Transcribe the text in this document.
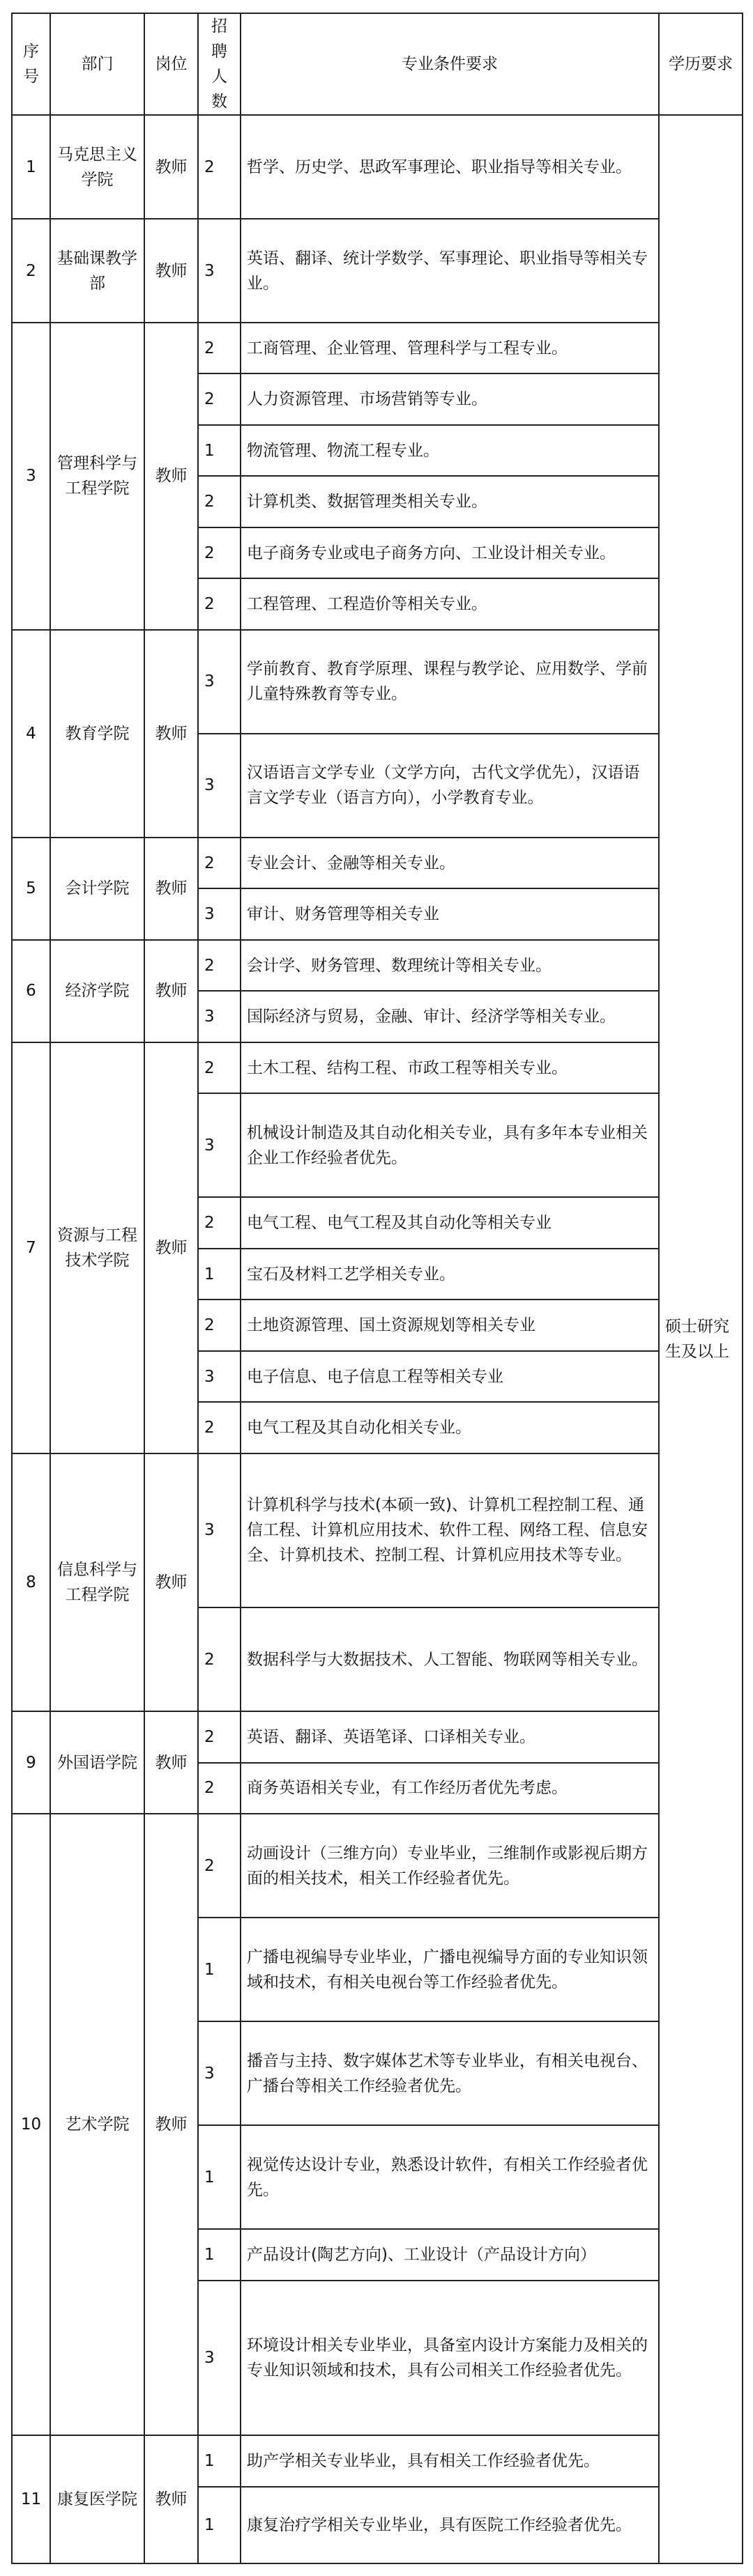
序号	部门	岗位	招聘人数	专业条件要求	学历要求
1	马克思主义学院	教师	2	哲学、历史学、思政军事理论、职业指导等相关专业。	硕士研究生及以上
2	基础课教学部	教师	3	英语、翻译、统计学数学、军事理论、职业指导等相关专业。	
3	管理科学与工程学院	教师	2	工商管理、企业管理、管理科学与工程专业。	
			2	人力资源管理、市场营销等专业。	
			1	物流管理、物流工程专业。	
			2	计算机类、数据管理类相关专业。	
			2	电子商务专业或电子商务方向、工业设计相关专业。	
			2	工程管理、工程造价等相关专业。	
4	教育学院	教师	3	学前教育、教育学原理、课程与教学论、应用数学、学前儿童特殊教育等专业。	
			3	汉语语言文学专业（文学方向，古代文学优先），汉语语言文学专业（语言方向），小学教育专业。	
5	会计学院	教师	2	专业会计、金融等相关专业。	
			3	审计、财务管理等相关专业	
6	经济学院	教师	2	会计学、财务管理、数理统计等相关专业。	
			3	国际经济与贸易，金融、审计、经济学等相关专业。	
7	资源与工程技术学院	教师	2	土木工程、结构工程、市政工程等相关专业。	
			3	机械设计制造及其自动化相关专业，具有多年本专业相关企业工作经验者优先。	
			2	电气工程、电气工程及其自动化等相关专业	
			1	宝石及材料工艺学相关专业。	
			2	土地资源管理、国土资源规划等相关专业	
			3	电子信息、电子信息工程等相关专业	
			2	电气工程及其自动化相关专业。	
8	信息科学与工程学院	教师	3	计算机科学与技术(本硕一致)、计算机工程控制工程、通信工程、计算机应用技术、软件工程、网络工程、信息安全、计算机技术、控制工程、计算机应用技术等专业。	
			2	数据科学与大数据技术、人工智能、物联网等相关专业。	
9	外国语学院	教师	2	英语、翻译、英语笔译、口译相关专业。	
			2	商务英语相关专业，有工作经历者优先考虑。	
10	艺术学院	教师	2	动画设计（三维方向）专业毕业，三维制作或影视后期方面的相关技术，相关工作经验者优先。	
			1	广播电视编导专业毕业，广播电视编导方面的专业知识领域和技术，有相关电视台等工作经验者优先。	
			3	播音与主持、数字媒体艺术等专业毕业，有相关电视台、广播台等相关工作经验者优先。	
			1	视觉传达设计专业，熟悉设计软件，有相关工作经验者优先。	
			1	产品设计(陶艺方向)、工业设计（产品设计方向）	
			3	环境设计相关专业毕业，具备室内设计方案能力及相关的专业知识领域和技术，具有公司相关工作经验者优先。	
11	康复医学院	教师	1	助产学相关专业毕业，具有相关工作经验者优先。	
			1	康复治疗学相关专业毕业，具有医院工作经验者优先。	
